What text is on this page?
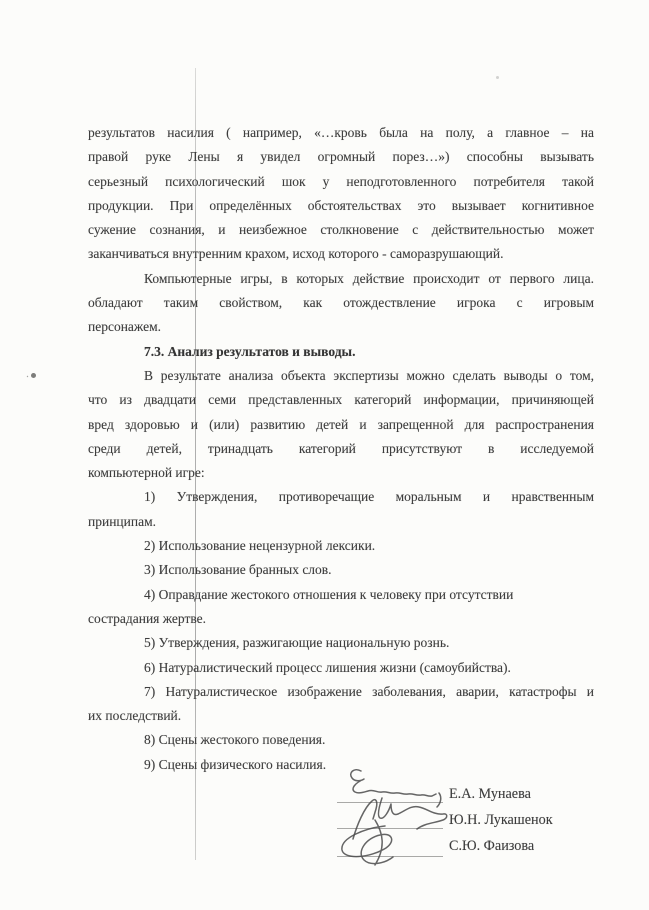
результатов насилия ( например, «…кровь была на полу, а главное – на
правой руке Лены я увидел огромный порез…») способны вызывать
серьезный психологический шок у неподготовленного потребителя такой
продукции. При определённых обстоятельствах это вызывает когнитивное
сужение сознания, и неизбежное столкновение с действительностью может
заканчиваться внутренним крахом, исход которого - саморазрушающий.
Компьютерные игры, в которых действие происходит от первого лица.
обладают таким свойством, как отождествление игрока с игровым
персонажем.
7.3. Анализ результатов и выводы.
В результате анализа объекта экспертизы можно сделать выводы о том,
что из двадцати семи представленных категорий информации, причиняющей
вред здоровью и (или) развитию детей и запрещенной для распространения
среди детей, тринадцать категорий присутствуют в исследуемой
компьютерной игре:
1) Утверждения, противоречащие моральным и нравственным
принципам.
2) Использование нецензурной лексики.
3) Использование бранных слов.
4) Оправдание жестокого отношения к человеку при отсутствии
сострадания жертве.
5) Утверждения, разжигающие национальную рознь.
6) Натуралистический процесс лишения жизни (самоубийства).
7) Натуралистическое изображение заболевания, аварии, катастрофы и
их последствий.
8) Сцены жестокого поведения.
9) Сцены физического насилия.
Е.А. Мунаева
Ю.Н. Лукашенок
С.Ю. Фаизова
